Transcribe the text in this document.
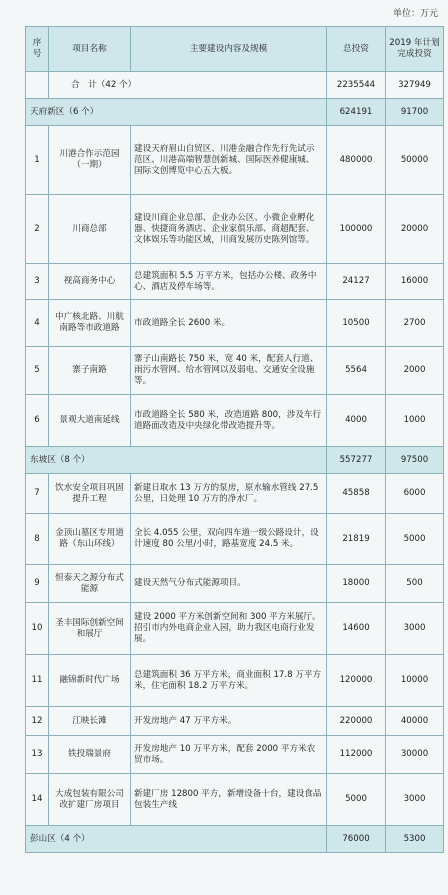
单位：万元
序号	项目名称	主要建设内容及规模	总投资	2019 年计划完成投资
	合　计（42 个）		2235544	327949
天府新区（6 个）			624191	91700
1	川港合作示范园（一期）	建设天府眉山自贸区、川港金融合作先行先试示范区、川港高端智慧创新城、国际医养健康城、国际文创博览中心五大板。	480000	50000
2	川商总部	建设川商企业总部、企业办公区、小微企业孵化器、快捷商务酒店、企业家俱乐部、商超配套、文体娱乐等功能区域，川商发展历史陈列馆等。	100000	20000
3	视高商务中心	总建筑面积 5.5 万平方米，包括办公楼、政务中心、酒店及停车场等。	24127	16000
4	中广核北路、川航南路等市政道路	市政道路全长 2600 米。	10500	2700
5	寨子南路	寨子山南路长 750 米，宽 40 米，配套人行道、雨污水管网、给水管网以及弱电、交通安全设施等。	5564	2000
6	景观大道南延线	市政道路全长 580 米，改造道路 800，涉及车行道路面改造及中央绿化带改造提升等。	4000	1000
东坡区（8 个）			557277	97500
7	饮水安全项目巩固提升工程	新建日取水 13 万方的泵房，原水输水管线 27.5 公里，日处理 10 万方的净水厂。	45858	6000
8	金顶山墓区专用道路（东山环线）	全长 4.055 公里，双向四车道一级公路设计，设计速度 80 公里/小时，路基宽度 24.5 米。	21819	5000
9	恒泰天之源分布式能源	建设天然气分布式能源项目。	18000	500
10	圣丰国际创新空间和展厅	建设 2000 平方米创新空间和 300 平方米展厅。招引市内外电商企业入园，助力我区电商行业发展。	14600	3000
11	融锦新时代广场	总建筑面积 36 万平方米，商业面积 17.8 万平方米，住宅面积 18.2 万平方米。	120000	10000
12	江映长滩	开发房地产 47 万平方米。	220000	40000
13	铁投瑞景府	开发房地产 10 万平方米，配套 2000 平方米农贸市场。	112000	30000
14	大成包装有限公司改扩建厂房项目	新建厂房 12800 平方，新增设备十台，建设食品包装生产线	5000	3000
彭山区（4 个）			76000	5300
